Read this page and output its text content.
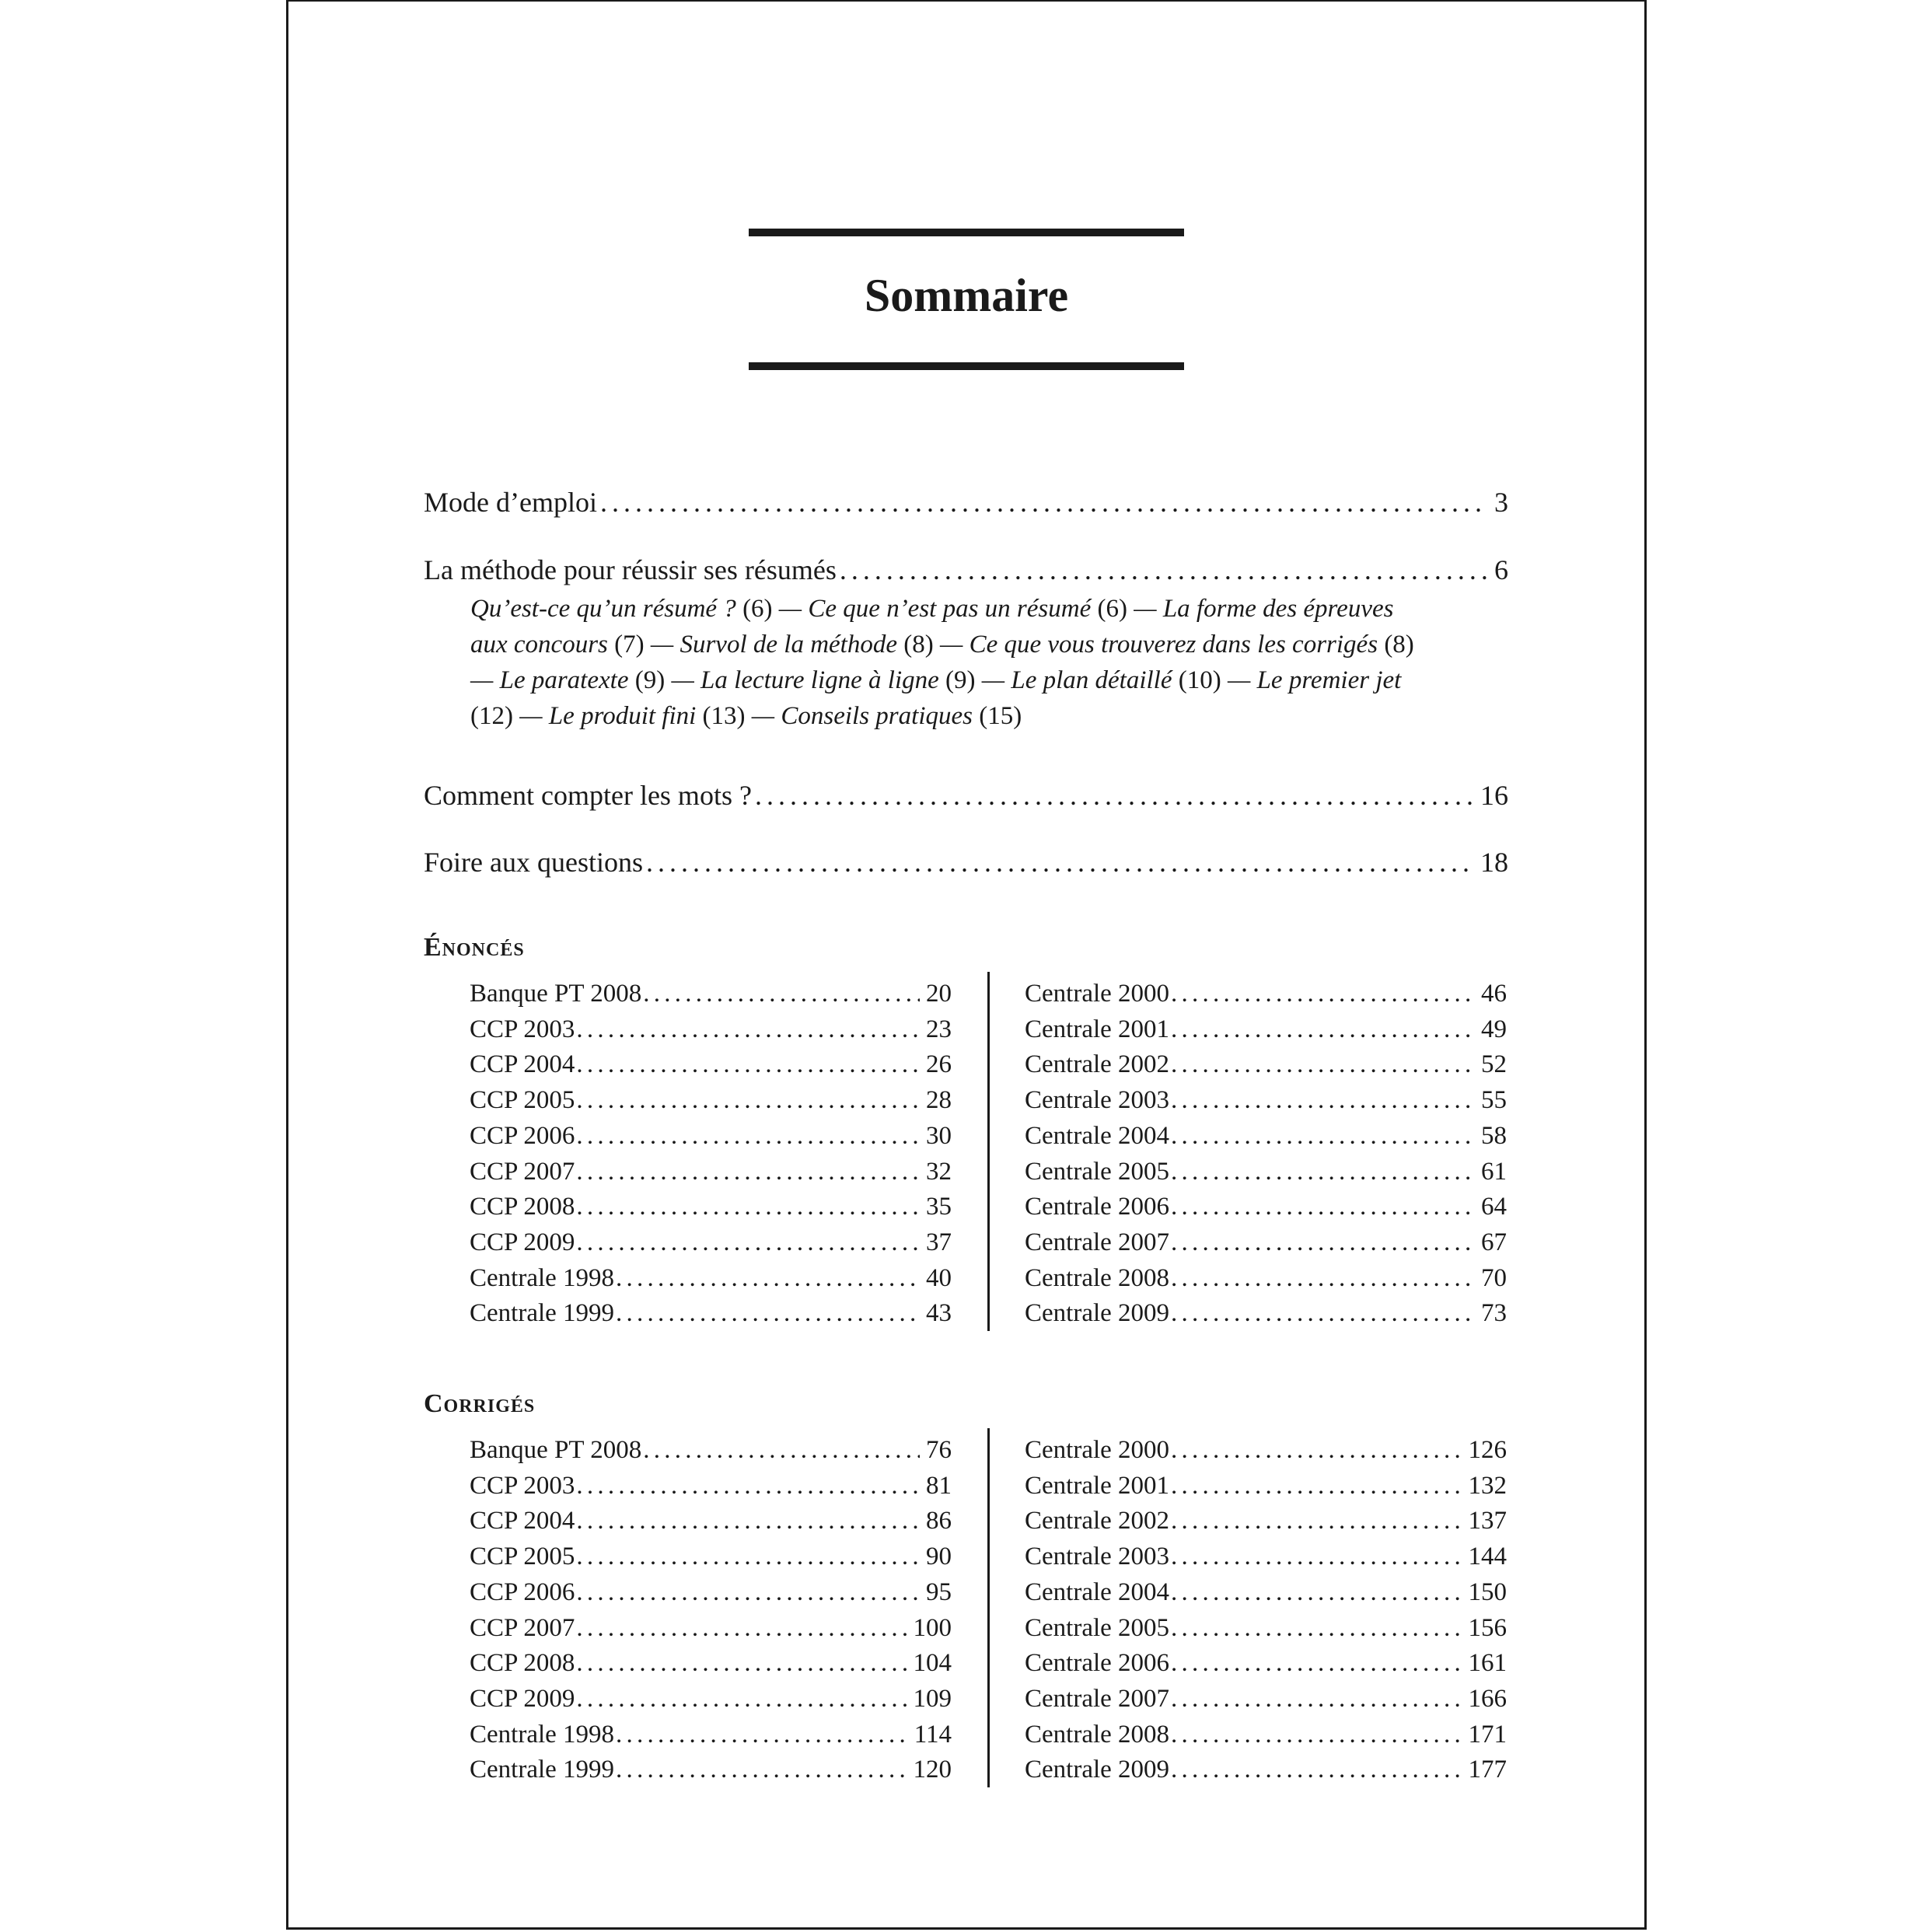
Sommaire
Mode d’emploi . . .	3
La méthode pour réussir ses résumés . . .	6
Qu’est-ce qu’un résumé ? (6) — Ce que n’est pas un résumé (6) — La forme des épreuves aux concours (7) — Survol de la méthode (8) — Ce que vous trouverez dans les corrigés (8) — Le paratexte (9) — La lecture ligne à ligne (9) — Le plan détaillé (10) — Le premier jet (12) — Le produit fini (13) — Conseils pratiques (15)
Comment compter les mots ? . . .	16
Foire aux questions . . .	18
Énoncés
Banque PT 2008 . . .	20
CCP 2003 . . .	23
CCP 2004 . . .	26
CCP 2005 . . .	28
CCP 2006 . . .	30
CCP 2007 . . .	32
CCP 2008 . . .	35
CCP 2009 . . .	37
Centrale 1998 . . .	40
Centrale 1999 . . .	43
Centrale 2000 . . .	46
Centrale 2001 . . .	49
Centrale 2002 . . .	52
Centrale 2003 . . .	55
Centrale 2004 . . .	58
Centrale 2005 . . .	61
Centrale 2006 . . .	64
Centrale 2007 . . .	67
Centrale 2008 . . .	70
Centrale 2009 . . .	73
Corrigés
Banque PT 2008 . . .	76
CCP 2003 . . .	81
CCP 2004 . . .	86
CCP 2005 . . .	90
CCP 2006 . . .	95
CCP 2007 . . .	100
CCP 2008 . . .	104
CCP 2009 . . .	109
Centrale 1998 . . .	114
Centrale 1999 . . .	120
Centrale 2000 . . .	126
Centrale 2001 . . .	132
Centrale 2002 . . .	137
Centrale 2003 . . .	144
Centrale 2004 . . .	150
Centrale 2005 . . .	156
Centrale 2006 . . .	161
Centrale 2007 . . .	166
Centrale 2008 . . .	171
Centrale 2009 . . .	177
